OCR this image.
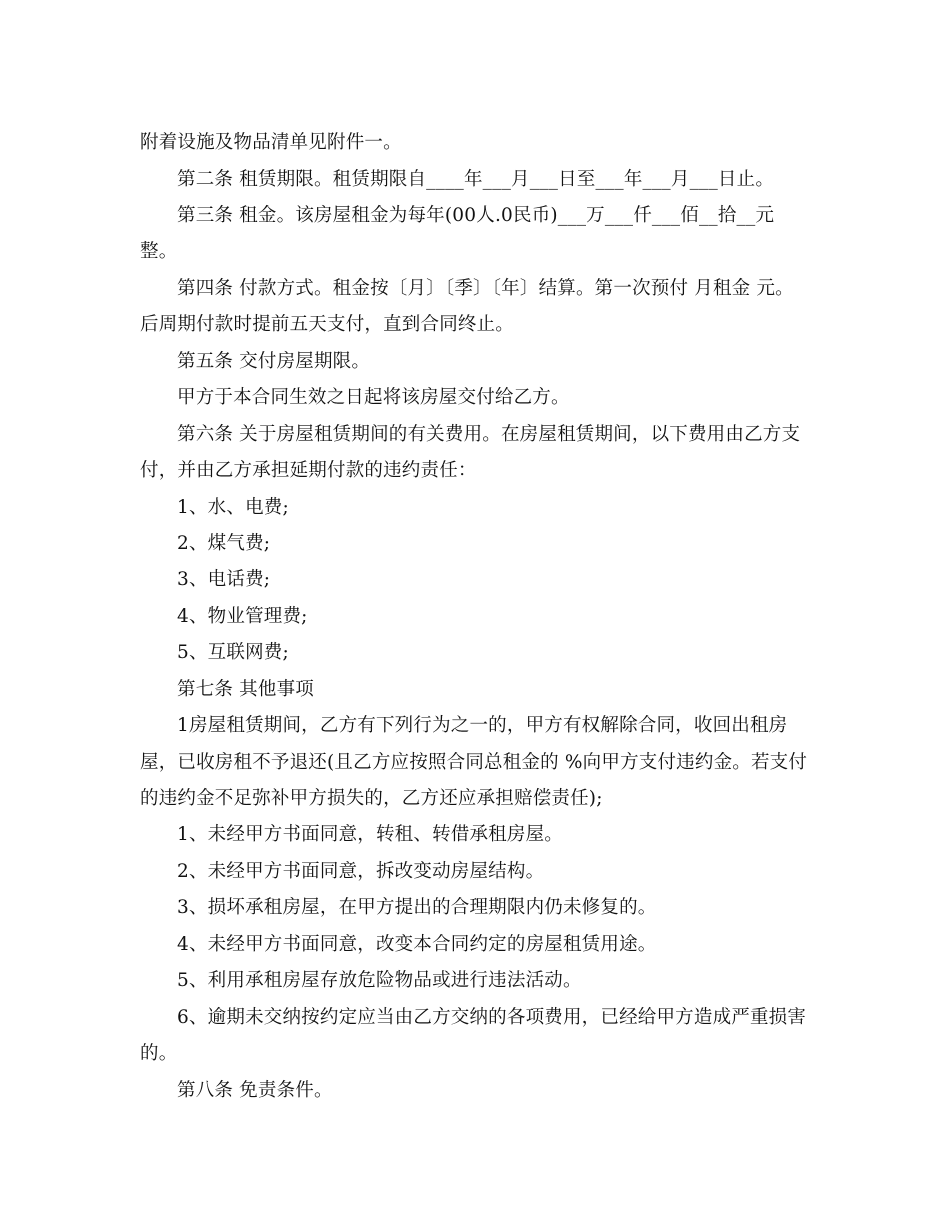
附着设施及物品清单见附件一。
第二条 租赁期限。租赁期限自____年___月___日至___年___月___日止。
第三条 租金。该房屋租金为每年(00人.0民币)___万___仟___佰__拾__元
整。
第四条 付款方式。租金按〔月〕〔季〕〔年〕结算。第一次预付 月租金 元。
后周期付款时提前五天支付，直到合同终止。
第五条 交付房屋期限。
甲方于本合同生效之日起将该房屋交付给乙方。
第六条 关于房屋租赁期间的有关费用。在房屋租赁期间，以下费用由乙方支
付，并由乙方承担延期付款的违约责任：
1、水、电费;
2、煤气费;
3、电话费;
4、物业管理费;
5、互联网费;
第七条 其他事项
1房屋租赁期间，乙方有下列行为之一的，甲方有权解除合同，收回出租房
屋，已收房租不予退还(且乙方应按照合同总租金的 %向甲方支付违约金。若支付
的违约金不足弥补甲方损失的，乙方还应承担赔偿责任);
1、未经甲方书面同意，转租、转借承租房屋。
2、未经甲方书面同意，拆改变动房屋结构。
3、损坏承租房屋，在甲方提出的合理期限内仍未修复的。
4、未经甲方书面同意，改变本合同约定的房屋租赁用途。
5、利用承租房屋存放危险物品或进行违法活动。
6、逾期未交纳按约定应当由乙方交纳的各项费用，已经给甲方造成严重损害
的。
第八条 免责条件。
